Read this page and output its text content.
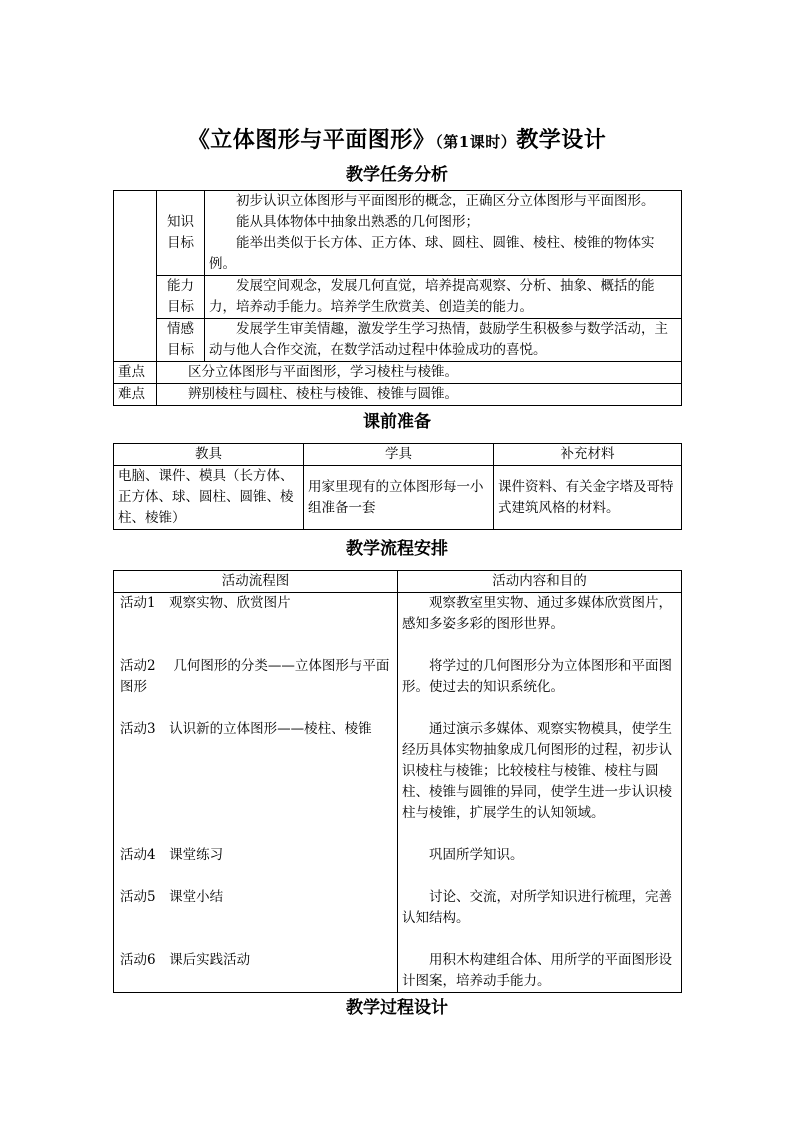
《立体图形与平面图形》（第1课时）教学设计
教学任务分析
	知识目标	初步认识立体图形与平面图形的概念，正确区分立体图形与平面图形。

能从具体物体中抽象出熟悉的几何图形；

能举出类似于长方体、正方体、球、圆柱、圆锥、棱柱、棱锥的物体实例。

	能力目标	发展空间观念，发展几何直觉，培养提高观察、分析、抽象、概括的能力，培养动手能力。培养学生欣赏美、创造美的能力。
	情感目标	发展学生审美情趣，激发学生学习热情，鼓励学生积极参与数学活动，主动与他人合作交流，在数学活动过程中体验成功的喜悦。
重点	区分立体图形与平面图形，学习棱柱与棱锥。	
难点	辨别棱柱与圆柱、棱柱与棱锥、棱锥与圆锥。	
课前准备
教具	学具	补充材料
电脑、课件、模具（长方体、正方体、球、圆柱、圆锥、棱柱、棱锥）	用家里现有的立体图形每一小组准备一套	课件资料、有关金字塔及哥特式建筑风格的材料。
教学流程安排
活动流程图	活动内容和目的
活动1　观察实物、欣赏图片	观察教室里实物、通过多媒体欣赏图片，感知多姿多彩的图形世界。
活动2　 几何图形的分类——立体图形与平面图形	将学过的几何图形分为立体图形和平面图形。使过去的知识系统化。
活动3　认识新的立体图形——棱柱、棱锥	通过演示多媒体、观察实物模具，使学生经历具体实物抽象成几何图形的过程，初步认识棱柱与棱锥；比较棱柱与棱锥、棱柱与圆柱、棱锥与圆锥的异同，使学生进一步认识棱柱与棱锥，扩展学生的认知领域。
活动4　课堂练习	巩固所学知识。
活动5　课堂小结	讨论、交流，对所学知识进行梳理，完善认知结构。
活动6　课后实践活动	用积木构建组合体、用所学的平面图形设计图案，培养动手能力。
教学过程设计
